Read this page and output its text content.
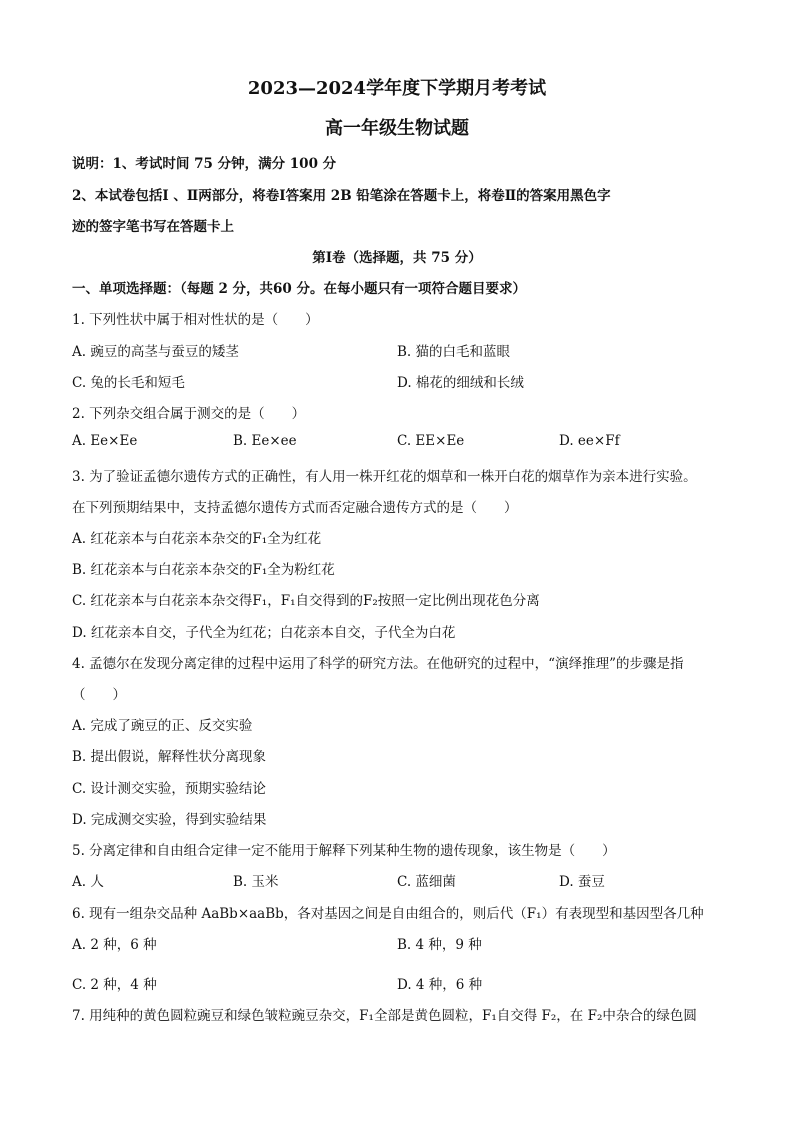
2023—2024学年度下学期月考考试
高一年级生物试题
说明：1、考试时间 75 分钟，满分 100 分
2、本试卷包括Ⅰ 、Ⅱ两部分，将卷Ⅰ答案用 2B 铅笔涂在答题卡上，将卷Ⅱ的答案用黑色字
迹的签字笔书写在答题卡上
第Ⅰ卷（选择题，共 75 分）
一、单项选择题：（每题 2 分，共60 分。在每小题只有一项符合题目要求）
1. 下列性状中属于相对性状的是（　　）
A. 豌豆的高茎与蚕豆的矮茎	B. 猫的白毛和蓝眼
C. 兔的长毛和短毛	D. 棉花的细绒和长绒
2. 下列杂交组合属于测交的是（　　）
A. Ee×Ee	B. Ee×ee	C. EE×Ee	D. ee×Ff
3. 为了验证孟德尔遗传方式的正确性，有人用一株开红花的烟草和一株开白花的烟草作为亲本进行实验。
在下列预期结果中，支持孟德尔遗传方式而否定融合遗传方式的是（　　）
A. 红花亲本与白花亲本杂交的F₁全为红花
B. 红花亲本与白花亲本杂交的F₁全为粉红花
C. 红花亲本与白花亲本杂交得F₁，F₁自交得到的F₂按照一定比例出现花色分离
D. 红花亲本自交，子代全为红花；白花亲本自交，子代全为白花
4. 孟德尔在发现分离定律的过程中运用了科学的研究方法。在他研究的过程中，“演绎推理”的步骤是指
（　　）
A. 完成了豌豆的正、反交实验
B. 提出假说，解释性状分离现象
C. 设计测交实验，预期实验结论
D. 完成测交实验，得到实验结果
5. 分离定律和自由组合定律一定不能用于解释下列某种生物的遗传现象，该生物是（　　）
A. 人	B. 玉米	C. 蓝细菌	D. 蚕豆
6. 现有一组杂交品种 AaBb×aaBb，各对基因之间是自由组合的，则后代（F₁）有表现型和基因型各几种
A. 2 种，6 种	B. 4 种，9 种
C. 2 种，4 种	D. 4 种，6 种
7. 用纯种的黄色圆粒豌豆和绿色皱粒豌豆杂交，F₁全部是黄色圆粒，F₁自交得 F₂，在 F₂中杂合的绿色圆
